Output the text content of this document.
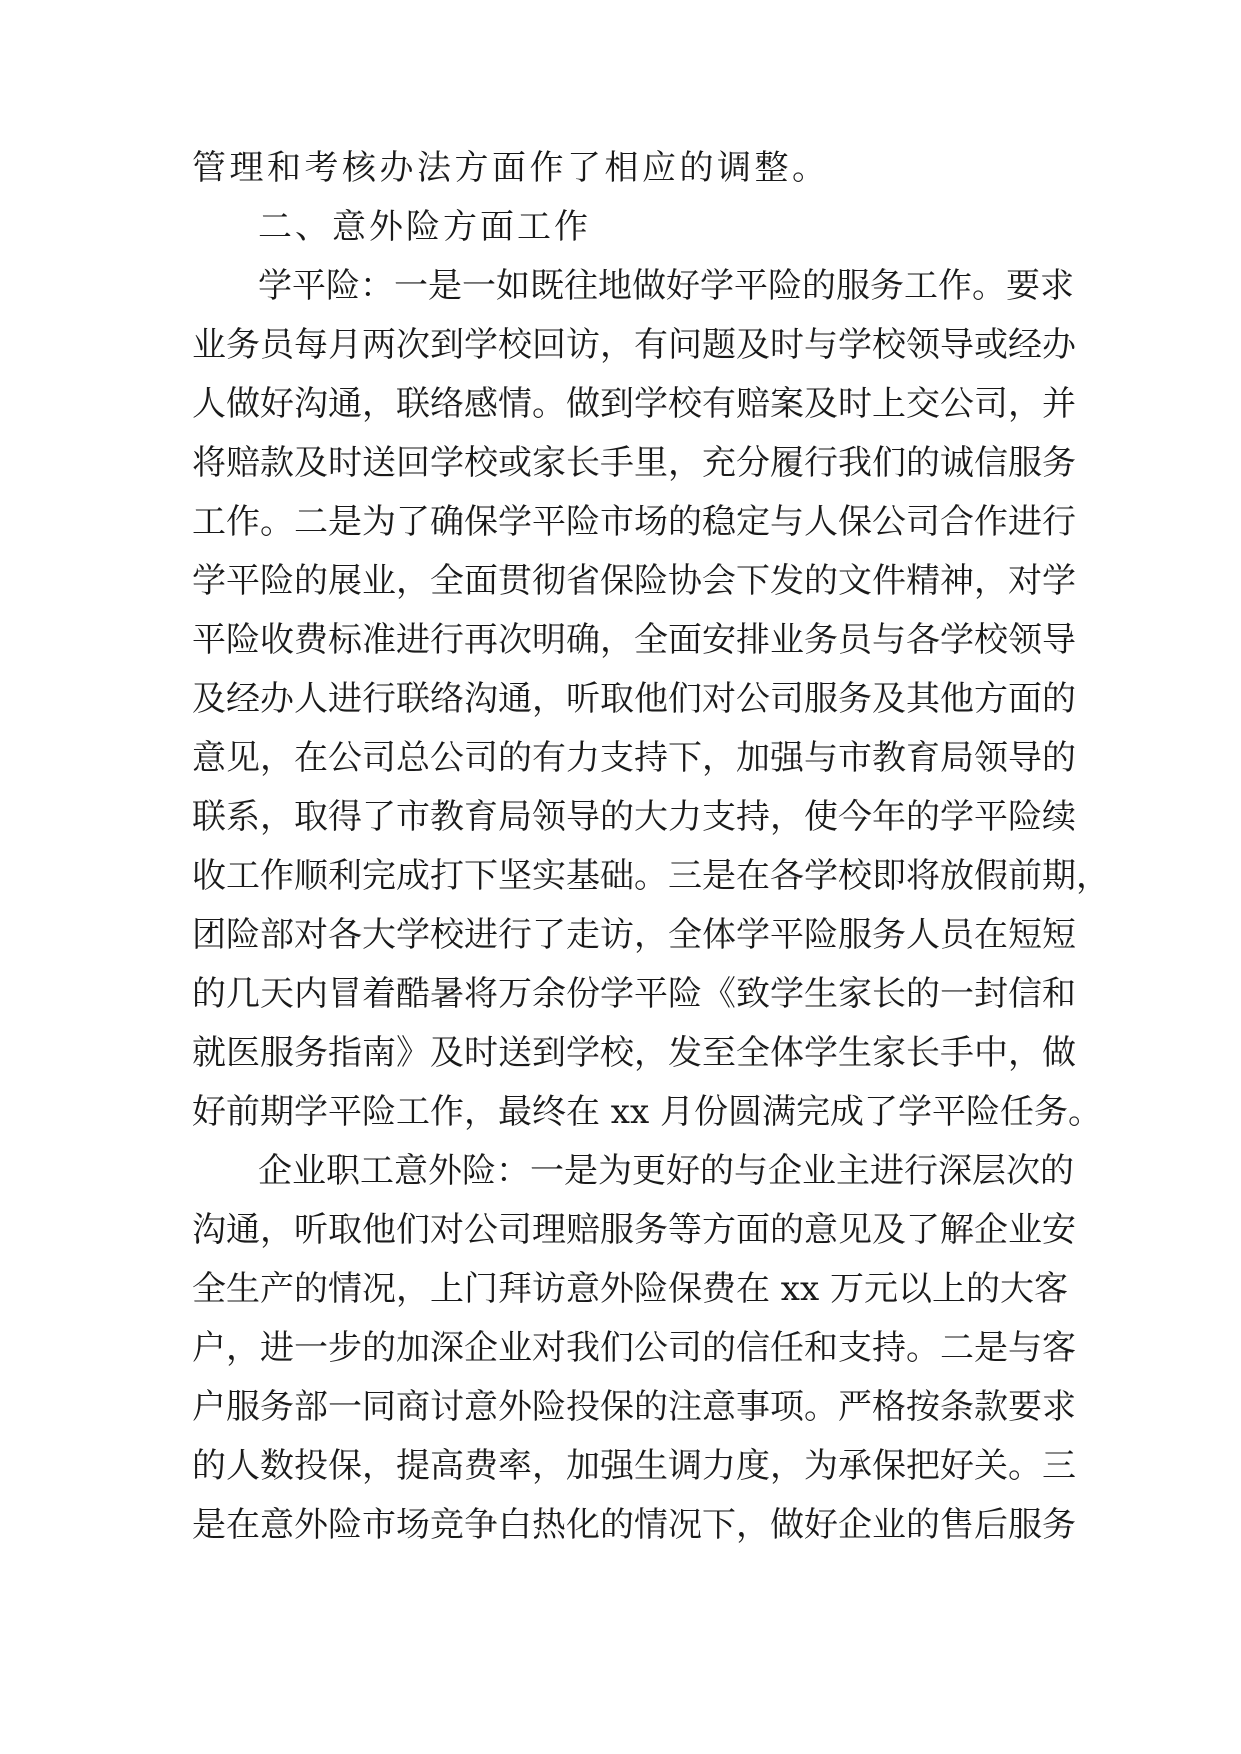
管理和考核办法方面作了相应的调整。
二、意外险方面工作
学平险：一是一如既往地做好学平险的服务工作。要求
业务员每月两次到学校回访，有问题及时与学校领导或经办
人做好沟通，联络感情。做到学校有赔案及时上交公司，并
将赔款及时送回学校或家长手里，充分履行我们的诚信服务
工作。二是为了确保学平险市场的稳定与人保公司合作进行
学平险的展业，全面贯彻省保险协会下发的文件精神，对学
平险收费标准进行再次明确，全面安排业务员与各学校领导
及经办人进行联络沟通，听取他们对公司服务及其他方面的
意见，在公司总公司的有力支持下，加强与市教育局领导的
联系，取得了市教育局领导的大力支持，使今年的学平险续
收工作顺利完成打下坚实基础。三是在各学校即将放假前期，
团险部对各大学校进行了走访，全体学平险服务人员在短短
的几天内冒着酷暑将万余份学平险《致学生家长的一封信和
就医服务指南》及时送到学校，发至全体学生家长手中，做
好前期学平险工作，最终在 xx 月份圆满完成了学平险任务。
企业职工意外险：一是为更好的与企业主进行深层次的
沟通，听取他们对公司理赔服务等方面的意见及了解企业安
全生产的情况，上门拜访意外险保费在 xx 万元以上的大客
户，进一步的加深企业对我们公司的信任和支持。二是与客
户服务部一同商讨意外险投保的注意事项。严格按条款要求
的人数投保，提高费率，加强生调力度，为承保把好关。三
是在意外险市场竞争白热化的情况下，做好企业的售后服务
